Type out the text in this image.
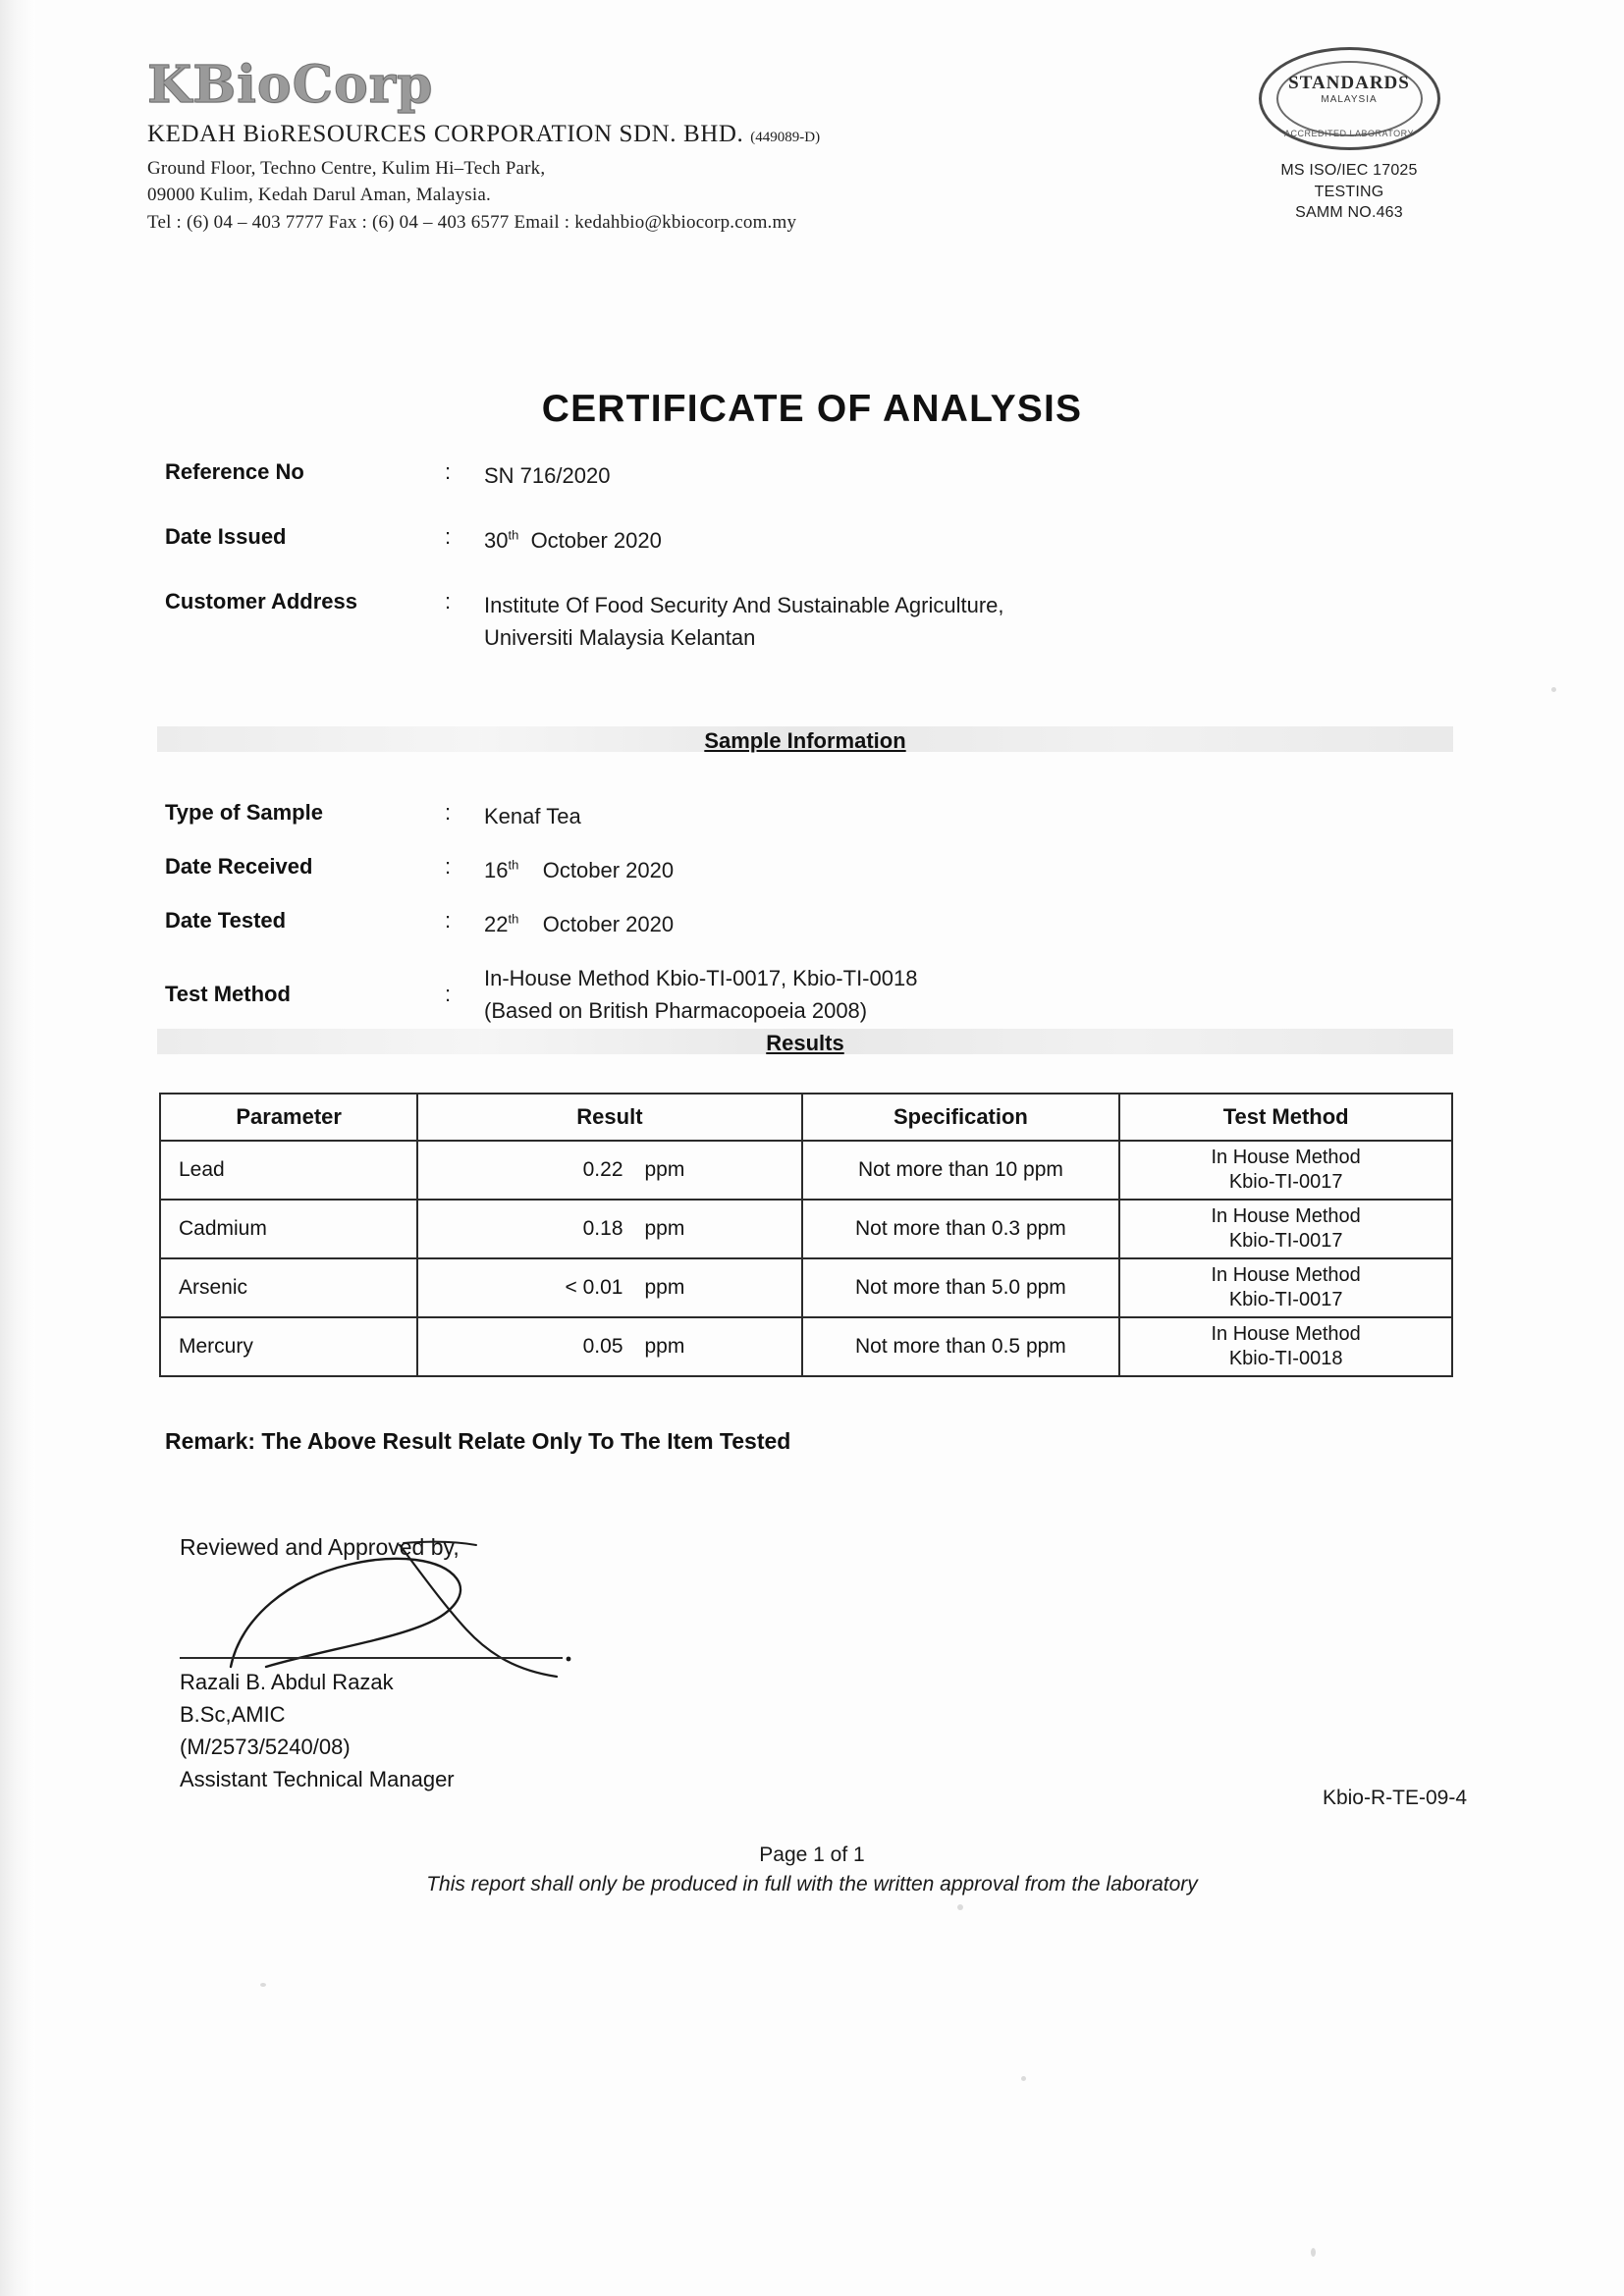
KBioCorp
KEDAH BioRESOURCES CORPORATION SDN. BHD. (449089-D)
Ground Floor, Techno Centre, Kulim Hi–Tech Park,
09000 Kulim, Kedah Darul Aman, Malaysia.
Tel : (6) 04 – 403 7777 Fax : (6) 04 – 403 6577 Email : kedahbio@kbiocorp.com.my
STANDARDS
MALAYSIA
ACCREDITED LABORATORY
MS ISO/IEC 17025
TESTING
SAMM NO.463
CERTIFICATE OF ANALYSIS
Reference No	:	SN 716/2020
Date Issued	:	30th October 2020
Customer Address	:	Institute Of Food Security And Sustainable Agriculture,
Universiti Malaysia Kelantan
Sample Information
Type of Sample	:	Kenaf Tea
Date Received	:	16th October 2020
Date Tested	:	22th October 2020
Test Method	:
In-House Method Kbio-TI-0017, Kbio-TI-0018
(Based on British Pharmacopoeia 2008)
Results
Parameter	Result	Specification	Test Method
Lead	0.22 ppm	Not more than 10 ppm	In House Method
Kbio-TI-0017

Cadmium	0.18 ppm	Not more than 0.3 ppm	In House Method
Kbio-TI-0017

Arsenic	< 0.01 ppm	Not more than 5.0 ppm	In House Method
Kbio-TI-0017

Mercury	0.05 ppm	Not more than 0.5 ppm	In House Method
Kbio-TI-0018
Remark: The Above Result Relate Only To The Item Tested
Reviewed and Approved by,
Razali B. Abdul Razak
B.Sc,AMIC
(M/2573/5240/08)
Assistant Technical Manager
Kbio-R-TE-09-4
Page 1 of 1
This report shall only be produced in full with the written approval from the laboratory
